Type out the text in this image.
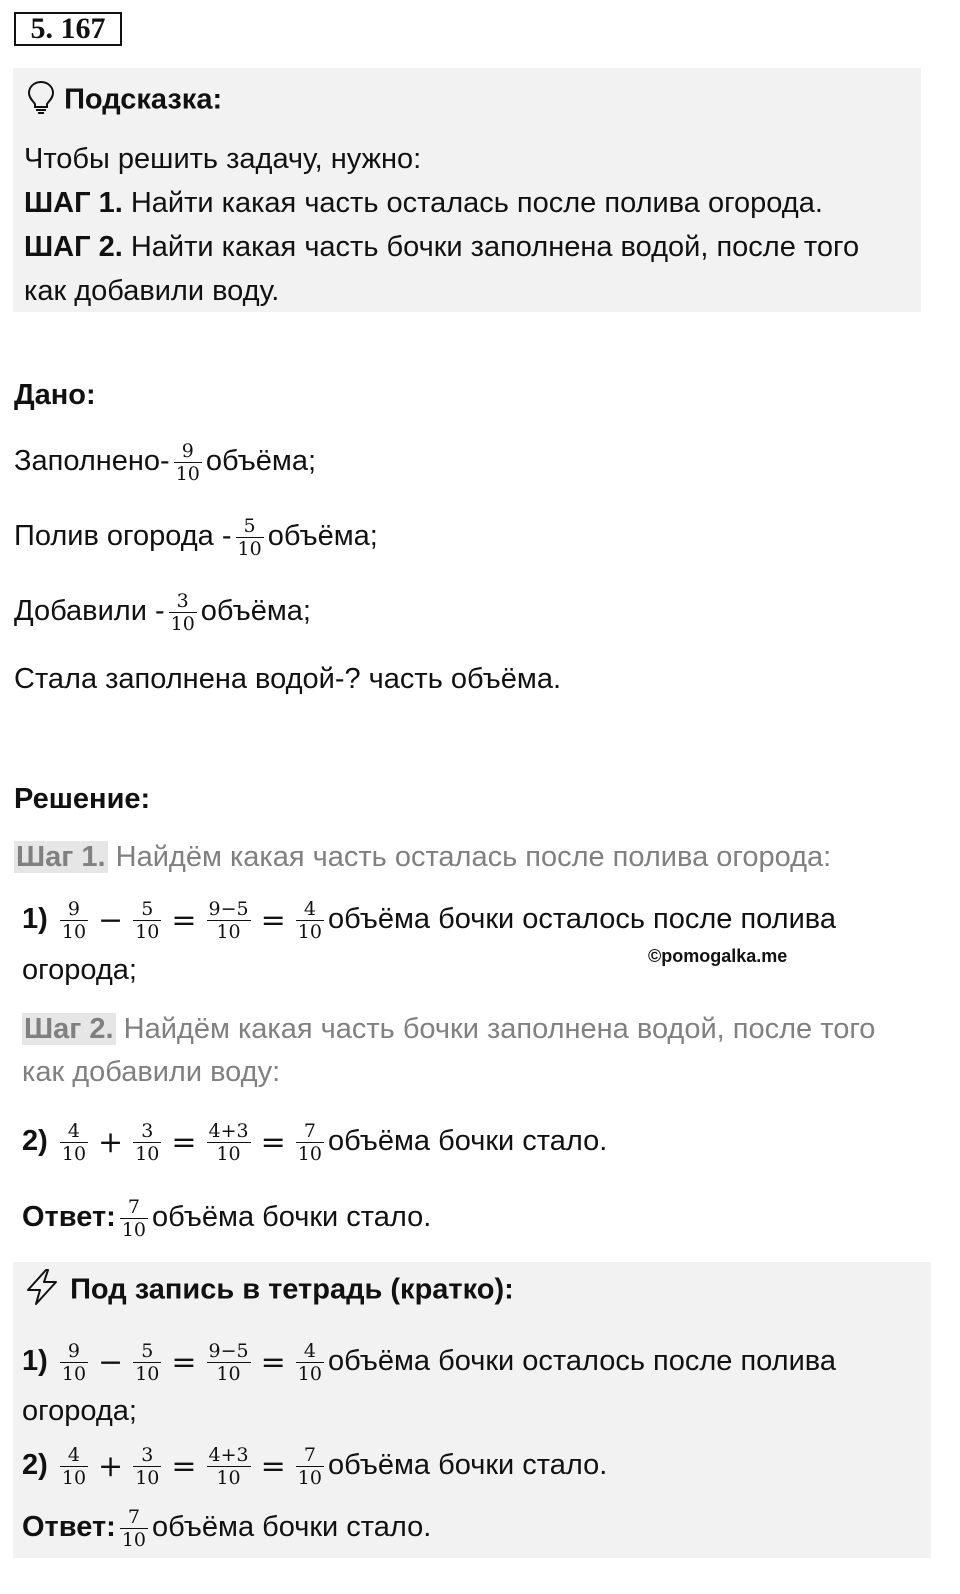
5. 167
Подсказка:
Чтобы решить задачу, нужно:
ШАГ 1. Найти какая часть осталась после полива огорода.
ШАГ 2. Найти какая часть бочки заполнена водой, после того
как добавили воду.
Дано:
Заполнено- $\frac{9}{10}$ объёма;
Полив огорода - $\frac{5}{10}$ объёма;
Добавили - $\frac{3}{10}$ объёма;
Стала заполнена водой-? часть объёма.
Решение:
Шаг 1. Найдём какая часть осталась после полива огорода:
$1) \frac{9}{10} - \frac{5}{10} = \frac{9-5}{10} = \frac{4}{10}$ объёма бочки осталось после полива
огорода;	©pomogalka.me
Шаг 2. Найдём какая часть бочки заполнена водой, после того
как добавили воду:
$2) \frac{4}{10} + \frac{3}{10} = \frac{4+3}{10} = \frac{7}{10}$ объёма бочки стало.
Ответ: $\frac{7}{10}$ объёма бочки стало.
Под запись в тетрадь (кратко):
$1) \frac{9}{10} - \frac{5}{10} = \frac{9-5}{10} = \frac{4}{10}$ объёма бочки осталось после полива
огорода;
$2) \frac{4}{10} + \frac{3}{10} = \frac{4+3}{10} = \frac{7}{10}$ объёма бочки стало.
Ответ: $\frac{7}{10}$ объёма бочки стало.
